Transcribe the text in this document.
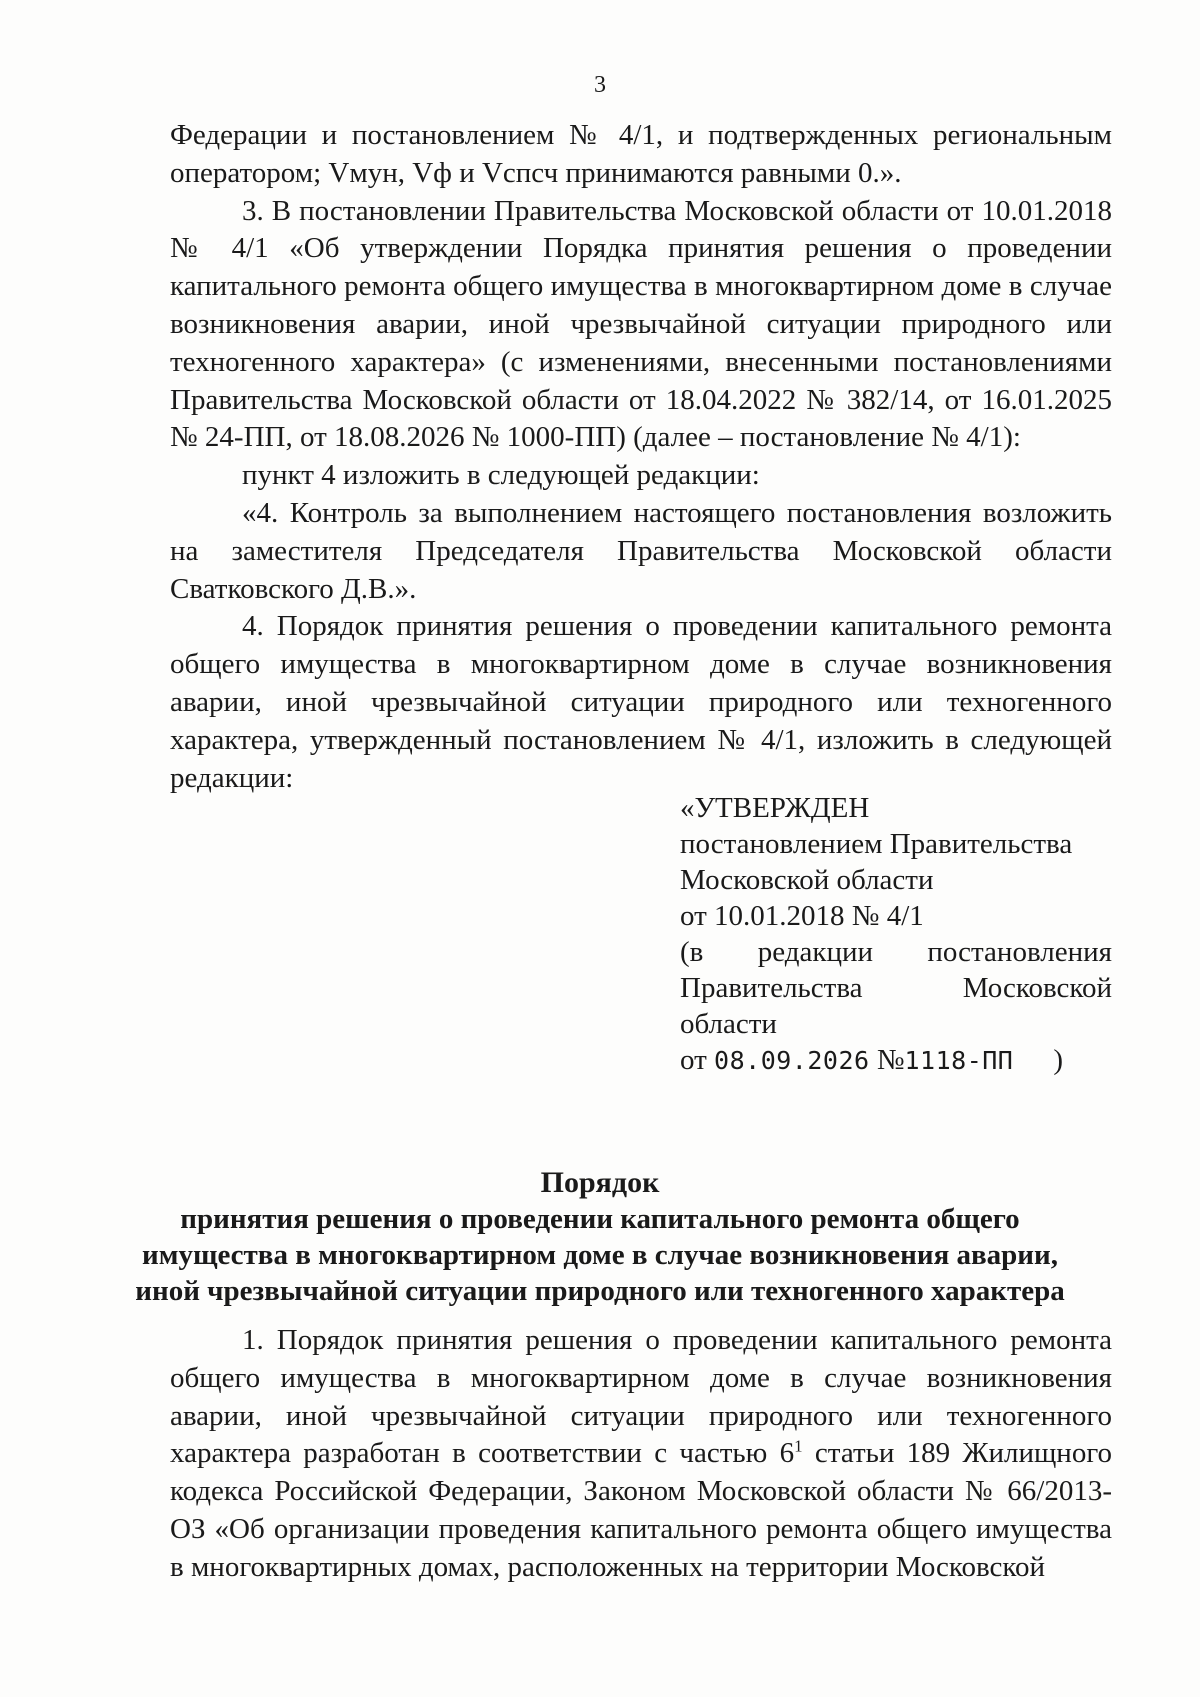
3

Федерации и постановлением № 4/1, и подтвержденных региональным оператором; Vмун, Vф и Vспсч принимаются равными 0.».

3. В постановлении Правительства Московской области от 10.01.2018 № 4/1 «Об утверждении Порядка принятия решения о проведении капитального ремонта общего имущества в многоквартирном доме в случае возникновения аварии, иной чрезвычайной ситуации природного или техногенного характера» (с изменениями, внесенными постановлениями Правительства Московской области от 18.04.2022 № 382/14, от 16.01.2025 № 24-ПП, от 18.08.2026 № 1000-ПП) (далее – постановление № 4/1):

пункт 4 изложить в следующей редакции:

«4. Контроль за выполнением настоящего постановления возложить на заместителя Председателя Правительства Московской области Сватковского Д.В.».

4. Порядок принятия решения о проведении капитального ремонта общего имущества в многоквартирном доме в случае возникновения аварии, иной чрезвычайной ситуации природного или техногенного характера, утвержденный постановлением № 4/1, изложить в следующей редакции:

«УТВЕРЖДЕН
постановлением Правительства
Московской области
от 10.01.2018 № 4/1
(в редакции постановления
Правительства	Московской
области
от 08.09.2026 №1118-ПП )
Порядок
принятия решения о проведении капитального ремонта общего
имущества в многоквартирном доме в случае возникновения аварии,
иной чрезвычайной ситуации природного или техногенного характера

1. Порядок принятия решения о проведении капитального ремонта общего имущества в многоквартирном доме в случае возникновения аварии, иной чрезвычайной ситуации природного или техногенного характера разработан в соответствии с частью $6^1$ статьи 189 Жилищного кодекса Российской Федерации, Законом Московской области № 66/2013-ОЗ «Об организации проведения капитального ремонта общего имущества в многоквартирных домах, расположенных на территории Московской
